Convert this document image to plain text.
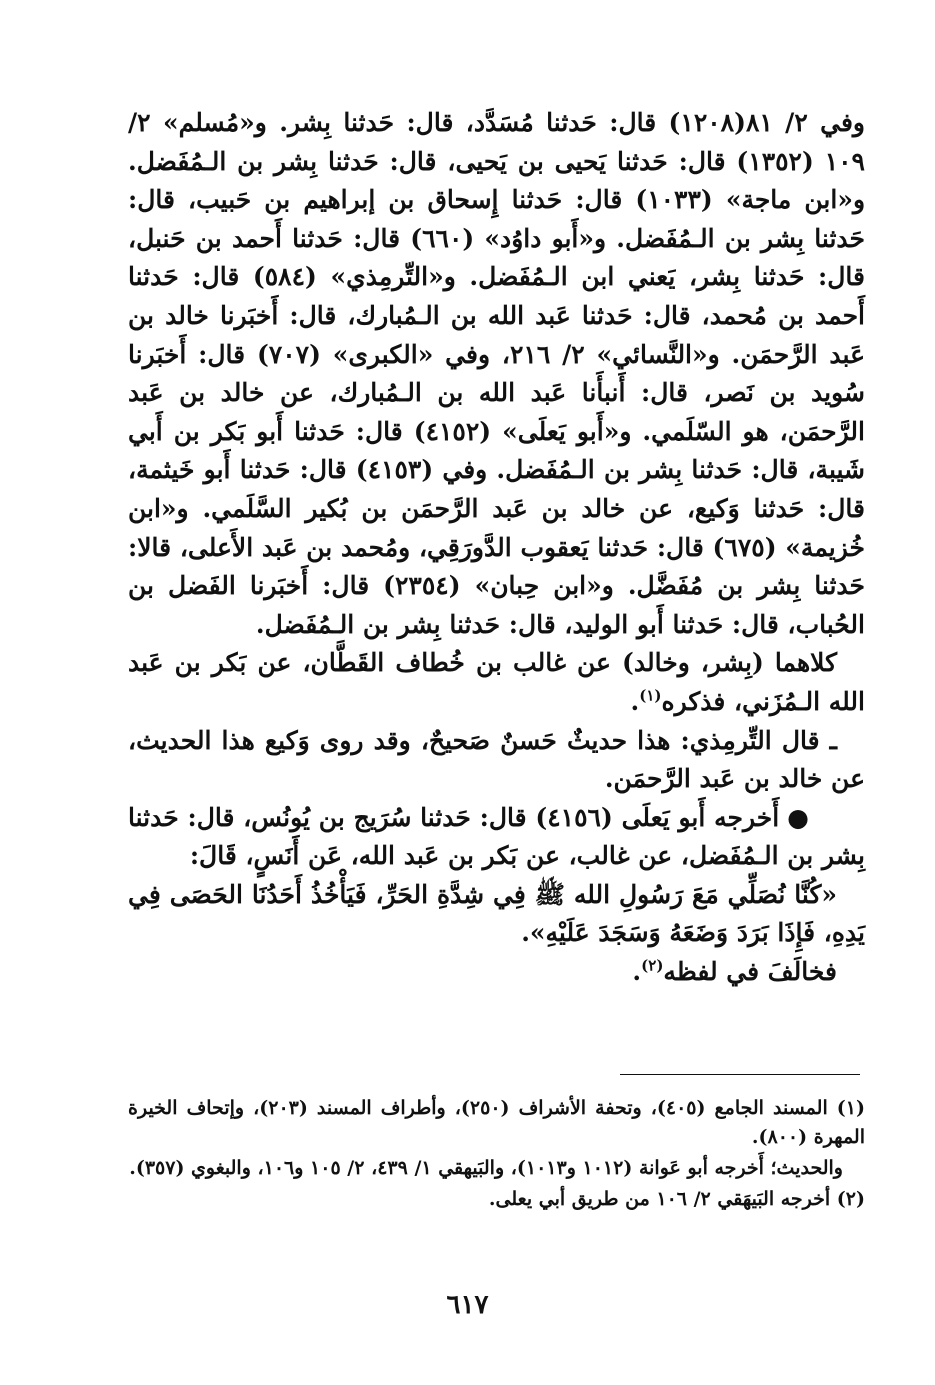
وفي ٢/ ٨١(١٢٠٨) قال: حَدثنا مُسَدَّد، قال: حَدثنا بِشر. و«مُسلم» ٢/ ١٠٩ (١٣٥٢) قال: حَدثنا يَحيى بن يَحيى، قال: حَدثنا بِشر بن الـمُفَضل. و«ابن ماجة» (١٠٣٣) قال: حَدثنا إِسحاق بن إبراهيم بن حَبيب، قال: حَدثنا بِشر بن الـمُفَضل. و«أَبو داوُد» (٦٦٠) قال: حَدثنا أَحمد بن حَنبل، قال: حَدثنا بِشر، يَعني ابن الـمُفَضل. و«التِّرمِذي» (٥٨٤) قال: حَدثنا أَحمد بن مُحمد، قال: حَدثنا عَبد الله بن الـمُبارك، قال: أَخبَرنا خالد بن عَبد الرَّحمَن. و«النَّسائي» ٢/ ٢١٦، وفي «الكبرى» (٧٠٧) قال: أَخبَرنا سُويد بن نَصر، قال: أَنبأَنا عَبد الله بن الـمُبارك، عن خالد بن عَبد الرَّحمَن، هو السّلَمي. و«أَبو يَعلَى» (٤١٥٢) قال: حَدثنا أَبو بَكر بن أَبي شَيبة، قال: حَدثنا بِشر بن الـمُفَضل. وفي (٤١٥٣) قال: حَدثنا أَبو خَيثمة، قال: حَدثنا وَكيع، عن خالد بن عَبد الرَّحمَن بن بُكير السَّلَمي. و«ابن خُزيمة» (٦٧٥) قال: حَدثنا يَعقوب الدَّورَقِي، ومُحمد بن عَبد الأَعلى، قالا: حَدثنا بِشر بن مُفَضَّل. و«ابن حِبان» (٢٣٥٤) قال: أَخبَرنا الفَضل بن الحُباب، قال: حَدثنا أَبو الوليد، قال: حَدثنا بِشر بن الـمُفَضل.

كلاهما (بِشر، وخالد) عن غالب بن خُطاف القَطَّان، عن بَكر بن عَبد الله الـمُزَني، فذكره$^{(١)}$.

ـ قال التِّرمِذي: هذا حديثٌ حَسنٌ صَحيحٌ، وقد روى وَكيع هذا الحديث، عن خالد بن عَبد الرَّحمَن.

●أَخرجه أَبو يَعلَى (٤١٥٦) قال: حَدثنا سُرَيج بن يُونُس، قال: حَدثنا بِشر بن الـمُفَضل، عن غالب، عن بَكر بن عَبد الله، عَن أَنَسٍ، قَالَ:

«كُنَّا نُصَلِّي مَعَ رَسُولِ الله ﷺ فِي شِدَّةِ الحَرِّ، فَيَأْخُذُ أَحَدُنَا الحَصَى فِي يَدِهِ، فَإِذَا بَرَدَ وَضَعَهُ وَسَجَدَ عَلَيْهِ».

فخالَفَ في لفظه$^{(٢)}$.

(١) المسند الجامع (٤٠٥)، وتحفة الأشراف (٢٥٠)، وأطراف المسند (٢٠٣)، وإتحاف الخيرة المهرة (٨٠٠).

والحديث؛ أَخرجه أبو عَوانة (١٠١٢ و١٠١٣)، والبَيهقي ١/ ٤٣٩، ٢/ ١٠٥ و١٠٦، والبغوي (٣٥٧).

(٢) أخرجه البَيهَقي ٢/ ١٠٦ من طريق أبي يعلى.

٦١٧
